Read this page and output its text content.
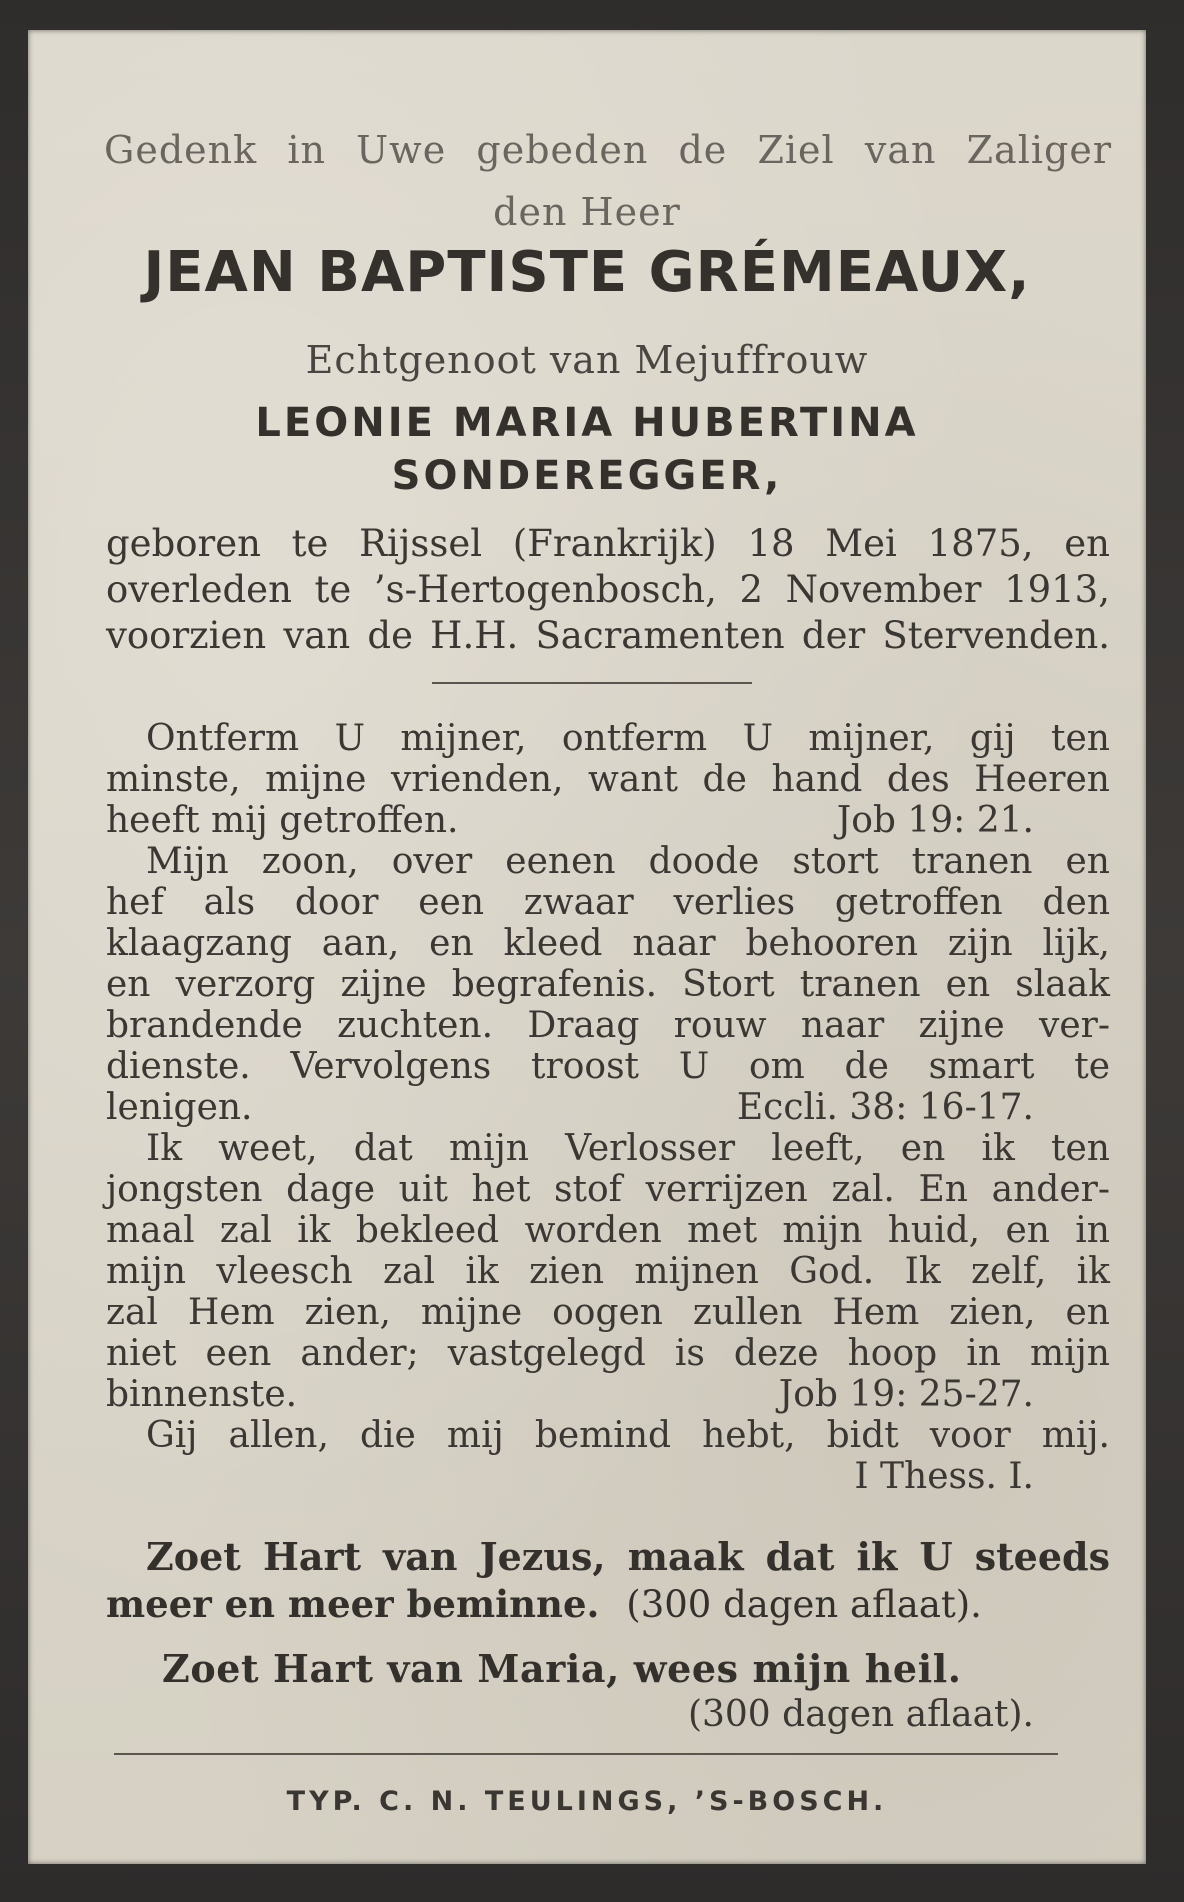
Gedenk in Uwe gebeden de Ziel van Zaliger
den Heer
JEAN BAPTISTE GRÉMEAUX,
Echtgenoot van Mejuffrouw
LEONIE MARIA HUBERTINA
SONDEREGGER,
geboren te Rijssel (Frankrijk) 18 Mei 1875, en
overleden te ’s-Hertogenbosch, 2 November 1913,
voorzien van de H.H. Sacramenten der Stervenden.
Ontferm U mijner, ontferm U mijner, gij ten
minste, mijne vrienden, want de hand des Heeren
heeft mij getroffen.	Job 19: 21.
Mijn zoon, over eenen doode stort tranen en
hef als door een zwaar verlies getroffen den
klaagzang aan, en kleed naar behooren zijn lijk,
en verzorg zijne begrafenis. Stort tranen en slaak
brandende zuchten. Draag rouw naar zijne ver-
dienste. Vervolgens troost U om de smart te
lenigen.	Eccli. 38: 16-17.
Ik weet, dat mijn Verlosser leeft, en ik ten
jongsten dage uit het stof verrijzen zal. En ander-
maal zal ik bekleed worden met mijn huid, en in
mijn vleesch zal ik zien mijnen God. Ik zelf, ik
zal Hem zien, mijne oogen zullen Hem zien, en
niet een ander; vastgelegd is deze hoop in mijn
binnenste.	Job 19: 25-27.
Gij allen, die mij bemind hebt, bidt voor mij.
I Thess. I.
Zoet Hart van Jezus, maak dat ik U steeds
meer en meer beminne. (300 dagen aflaat).
Zoet Hart van Maria, wees mijn heil.
(300 dagen aflaat).
TYP. C. N. TEULINGS, ’S-BOSCH.
